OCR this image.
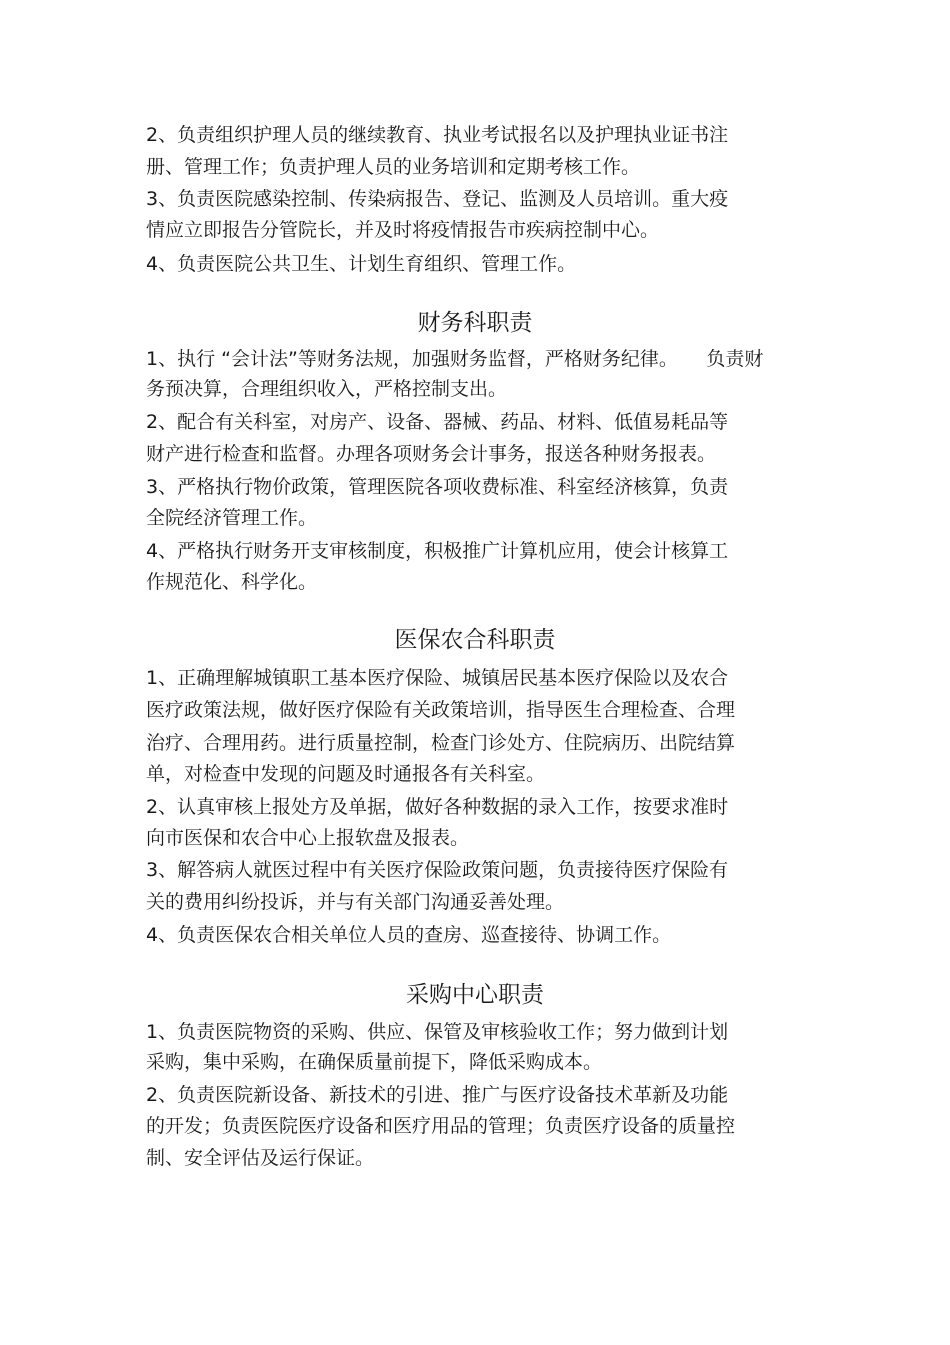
2、负责组织护理人员的继续教育、执业考试报名以及护理执业证书注
册、管理工作；负责护理人员的业务培训和定期考核工作。
3、负责医院感染控制、传染病报告、登记、监测及人员培训。重大疫
情应立即报告分管院长，并及时将疫情报告市疾病控制中心。
4、负责医院公共卫生、计划生育组织、管理工作。
财务科职责
1、执行 “会计法”等财务法规，加强财务监督，严格财务纪律。　　负责财
务预决算，合理组织收入，严格控制支出。
2、配合有关科室，对房产、设备、器械、药品、材料、低值易耗品等
财产进行检查和监督。办理各项财务会计事务，报送各种财务报表。
3、严格执行物价政策，管理医院各项收费标准、科室经济核算，负责
全院经济管理工作。
4、严格执行财务开支审核制度，积极推广计算机应用，使会计核算工
作规范化、科学化。
医保农合科职责
1、正确理解城镇职工基本医疗保险、城镇居民基本医疗保险以及农合
医疗政策法规，做好医疗保险有关政策培训，指导医生合理检查、合理
治疗、合理用药。进行质量控制，检查门诊处方、住院病历、出院结算
单，对检查中发现的问题及时通报各有关科室。
2、认真审核上报处方及单据，做好各种数据的录入工作，按要求准时
向市医保和农合中心上报软盘及报表。
3、解答病人就医过程中有关医疗保险政策问题，负责接待医疗保险有
关的费用纠纷投诉，并与有关部门沟通妥善处理。
4、负责医保农合相关单位人员的查房、巡查接待、协调工作。
采购中心职责
1、负责医院物资的采购、供应、保管及审核验收工作；努力做到计划
采购，集中采购，在确保质量前提下，降低采购成本。
2、负责医院新设备、新技术的引进、推广与医疗设备技术革新及功能
的开发；负责医院医疗设备和医疗用品的管理；负责医疗设备的质量控
制、安全评估及运行保证。
